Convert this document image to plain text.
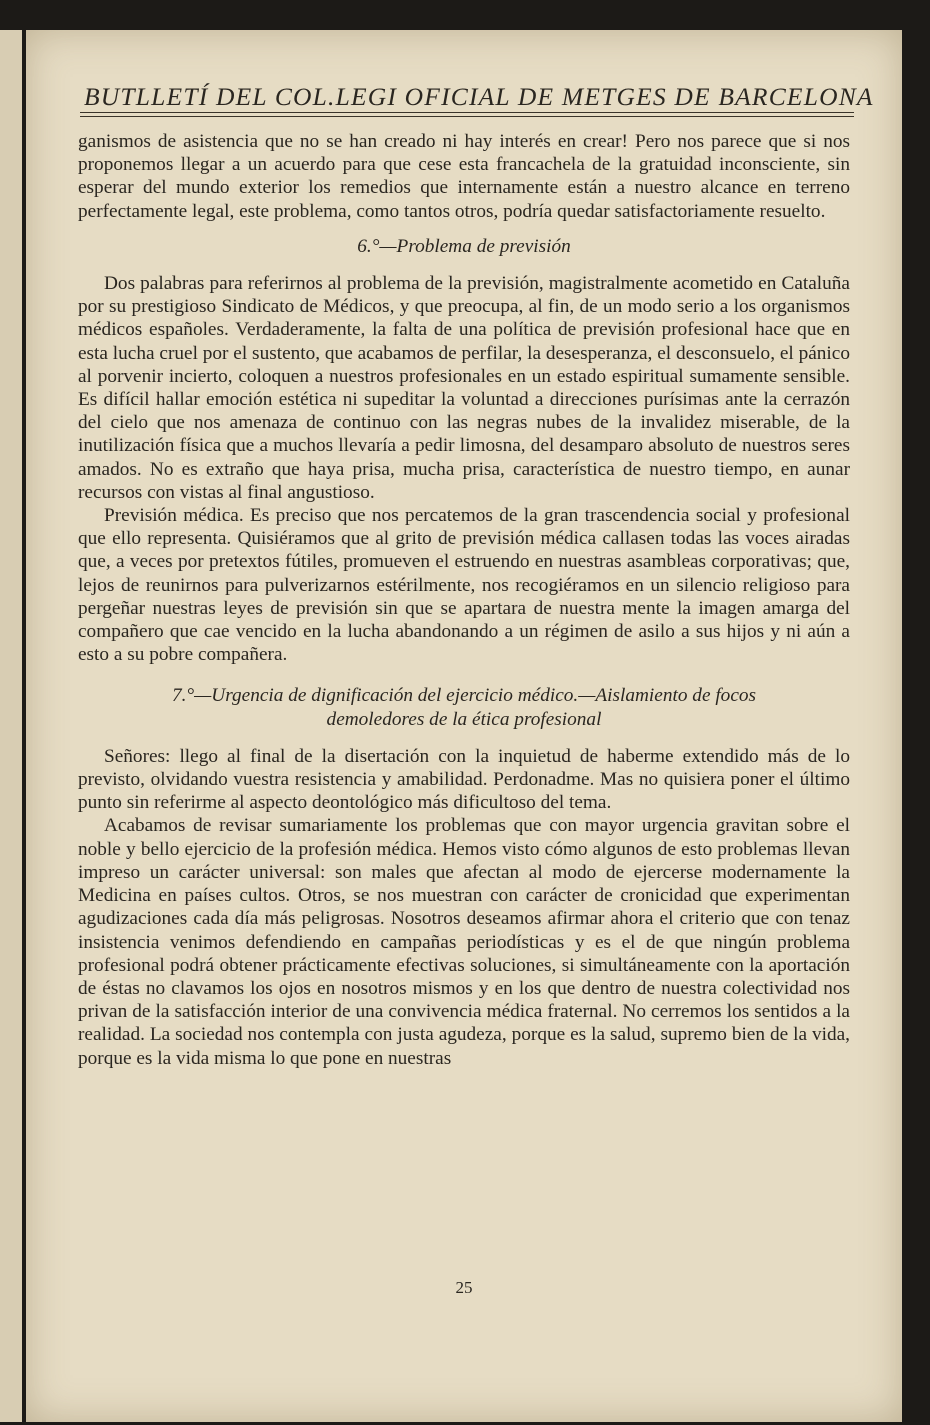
BUTLLETÍ DEL COL.LEGI OFICIAL DE METGES DE BARCELONA

ganismos de asistencia que no se han creado ni hay interés en crear! Pero nos parece que si nos proponemos llegar a un acuerdo para que cese esta francachela de la gratuidad inconsciente, sin esperar del mundo exterior los remedios que internamente están a nuestro alcance en terreno perfectamente legal, este problema, como tantos otros, podría quedar satisfactoriamente resuelto.

6.°—Problema de previsión

Dos palabras para referirnos al problema de la previsión, magistralmente acometido en Cataluña por su prestigioso Sindicato de Médicos, y que preocupa, al fin, de un modo serio a los organismos médicos españoles. Verdaderamente, la falta de una política de previsión profesional hace que en esta lucha cruel por el sustento, que acabamos de perfilar, la desesperanza, el desconsuelo, el pánico al porvenir incierto, coloquen a nuestros profesionales en un estado espiritual sumamente sensible. Es difícil hallar emoción estética ni supeditar la voluntad a direcciones purísimas ante la cerrazón del cielo que nos amenaza de continuo con las negras nubes de la invalidez miserable, de la inutilización física que a muchos llevaría a pedir limosna, del desamparo absoluto de nuestros seres amados. No es extraño que haya prisa, mucha prisa, característica de nuestro tiempo, en aunar recursos con vistas al final angustioso.

Previsión médica. Es preciso que nos percatemos de la gran trascendencia social y profesional que ello representa. Quisiéramos que al grito de previsión médica callasen todas las voces airadas que, a veces por pretextos fútiles, promueven el estruendo en nuestras asambleas corporativas; que, lejos de reunirnos para pulverizarnos estérilmente, nos recogiéramos en un silencio religioso para pergeñar nuestras leyes de previsión sin que se apartara de nuestra mente la imagen amarga del compañero que cae vencido en la lucha abandonando a un régimen de asilo a sus hijos y ni aún a esto a su pobre compañera.

7.°—Urgencia de dignificación del ejercicio médico.—Aislamiento de focos
demoledores de la ética profesional

Señores: llego al final de la disertación con la inquietud de haberme extendido más de lo previsto, olvidando vuestra resistencia y amabilidad. Perdonadme. Mas no quisiera poner el último punto sin referirme al aspecto deontológico más dificultoso del tema.

Acabamos de revisar sumariamente los problemas que con mayor urgencia gravitan sobre el noble y bello ejercicio de la profesión médica. Hemos visto cómo algunos de esto problemas llevan impreso un carácter universal: son males que afectan al modo de ejercerse modernamente la Medicina en países cultos. Otros, se nos muestran con carácter de cronicidad que experimentan agudizaciones cada día más peligrosas. Nosotros deseamos afirmar ahora el criterio que con tenaz insistencia venimos defendiendo en campañas periodísticas y es el de que ningún problema profesional podrá obtener prácticamente efectivas soluciones, si simultáneamente con la aportación de éstas no clavamos los ojos en nosotros mismos y en los que dentro de nuestra colectividad nos privan de la satisfacción interior de una convivencia médica fraternal. No cerremos los sentidos a la realidad. La sociedad nos contempla con justa agudeza, porque es la salud, supremo bien de la vida, porque es la vida misma lo que pone en nuestras

25
